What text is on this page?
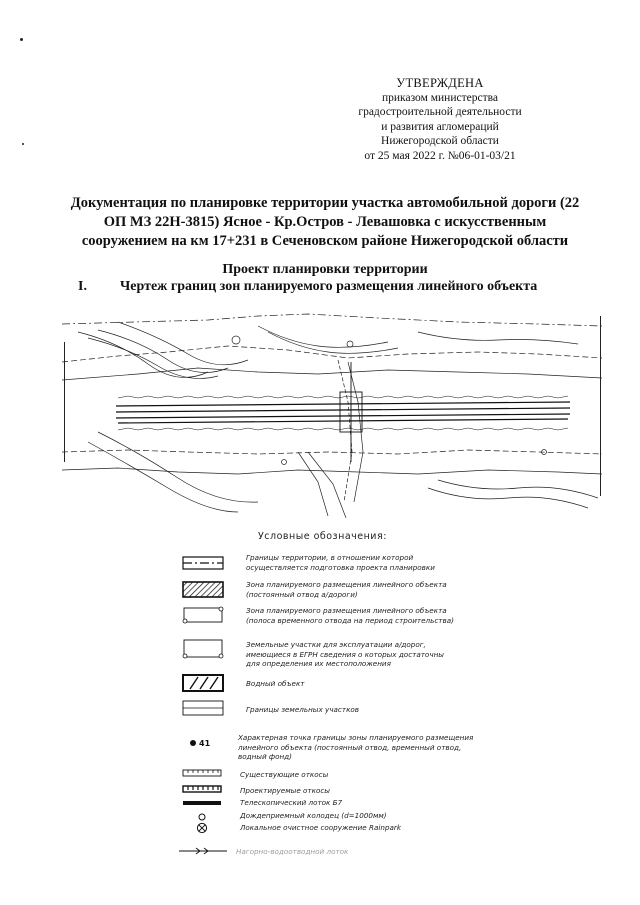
УТВЕРЖДЕНА
приказом министерства
градостроительной деятельности
и развития агломераций
Нижегородской области
от 25 мая 2022 г. №06-01-03/21
Документация по планировке территории участка автомобильной дороги (22
ОП МЗ 22Н-3815) Ясное - Кр.Остров - Левашовка с искусственным
сооружением на км 17+231 в Сеченовском районе Нижегородской области
Проект планировки территории
I. Чертеж границ зон планируемого размещения линейного объекта
Условные обозначения:
Границы территории, в отношении которой
осуществляется подготовка проекта планировки
Зона планируемого размещения линейного объекта
(постоянный отвод а/дороги)
Зона планируемого размещения линейного объекта
(полоса временного отвода на период строительства)
Земельные участки для эксплуатации а/дорог,
имеющиеся в ЕГРН сведения о которых достаточны
для определения их местоположения
Водный объект
Границы земельных участков
41
Характерная точка границы зоны планируемого размещения
линейного объекта (постоянный отвод, временный отвод,
водный фонд)
Существующие откосы
Проектируемые откосы
Телескопический лоток Б7
Дождеприемный колодец (d=1000мм)
Локальное очистное сооружение Rainpark
Нагорно-водоотводной лоток
